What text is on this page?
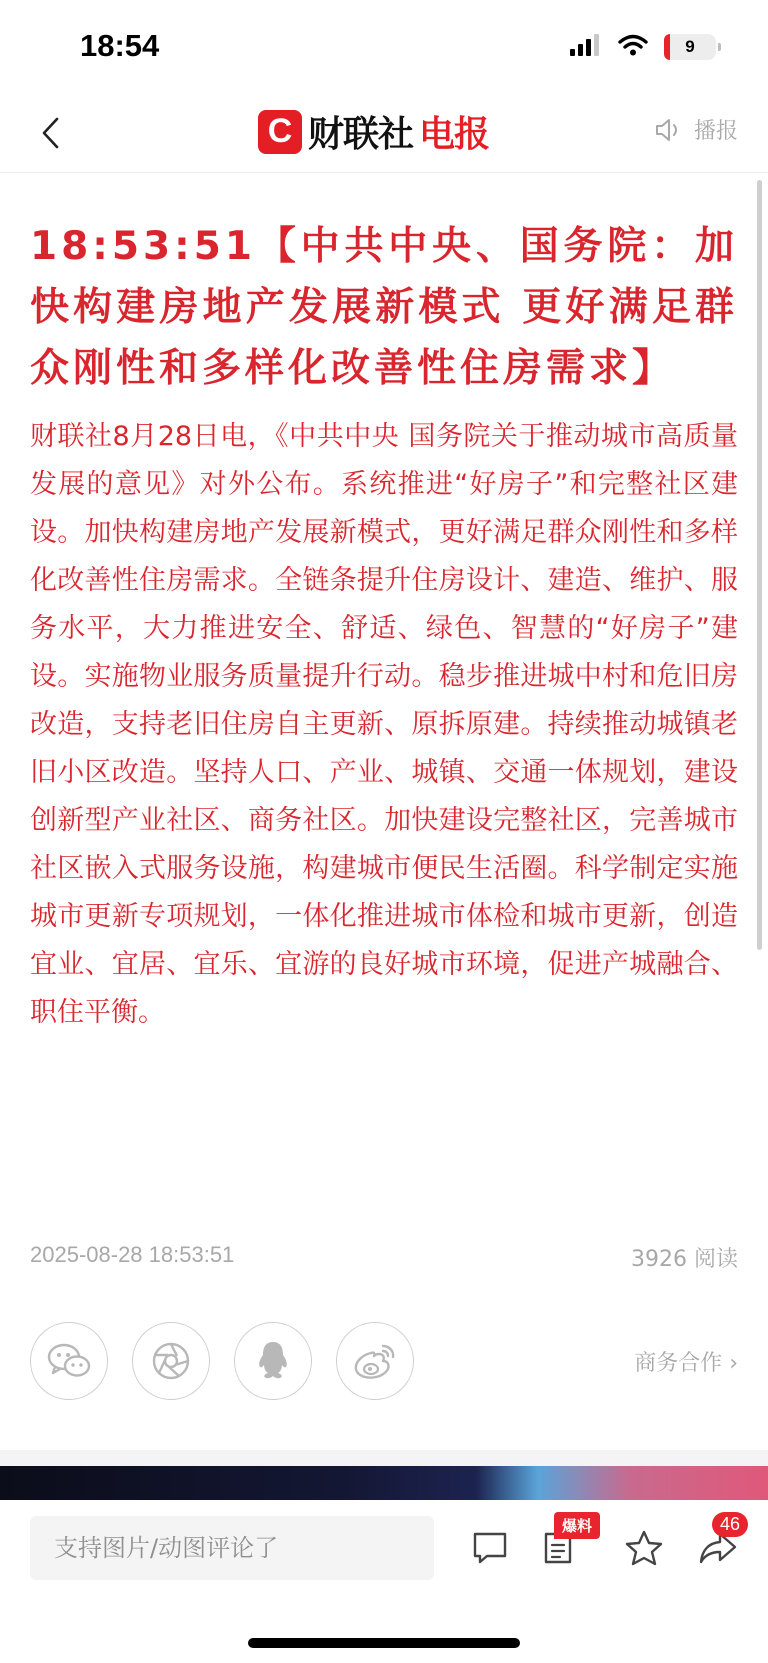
18:54	9
C 财联社 电报	播报
18:53:51【中共中央、国务院：加快构建房地产发展新模式 更好满足群众刚性和多样化改善性住房需求】

财联社8月28日电，《中共中央 国务院关于推动城市高质量发展的意见》对外公布。系统推进“好房子”和完整社区建设。加快构建房地产发展新模式，更好满足群众刚性和多样化改善性住房需求。全链条提升住房设计、建造、维护、服务水平，大力推进安全、舒适、绿色、智慧的“好房子”建设。实施物业服务质量提升行动。稳步推进城中村和危旧房改造，支持老旧住房自主更新、原拆原建。持续推动城镇老旧小区改造。坚持人口、产业、城镇、交通一体规划，建设创新型产业社区、商务社区。加快建设完整社区，完善城市社区嵌入式服务设施，构建城市便民生活圈。科学制定实施城市更新专项规划，一体化推进城市体检和城市更新，创造宜业、宜居、宜乐、宜游的良好城市环境，促进产城融合、职住平衡。

2025-08-28 18:53:51	3926 阅读
商务合作 ›
支持图片/动图评论了
爆料	46
